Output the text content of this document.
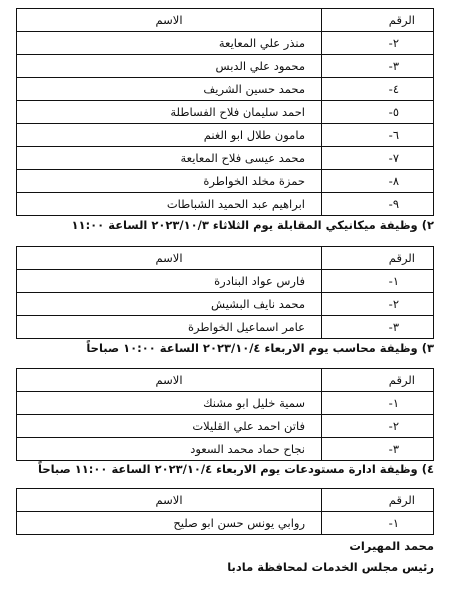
الرقم	الاسم
٢-	منذر علي المعايعة
٣-	محمود علي الدبس
٤-	محمد حسين الشريف
٥-	احمد سليمان فلاح الفساطلة
٦-	مامون طلال ابو الغنم
٧-	محمد عيسى فلاح المعايعة
٨-	حمزة مخلد الخواطرة
٩-	ابراهيم عبد الحميد الشباطات
٢) وظيفة ميكانيكي المقابلة يوم الثلاثاء ٢٠٢٣/١٠/٣ الساعة ١١:٠٠
الرقم	الاسم
١-	فارس عواد البنادرة
٢-	محمد نايف البشيش
٣-	عامر اسماعيل الخواطرة
٣) وظيفة محاسب يوم الاربعاء ٢٠٢٣/١٠/٤ الساعة ١٠:٠٠ صباحاً
الرقم	الاسم
١-	سمية خليل ابو مشنك
٢-	فاتن احمد علي القليلات
٣-	نجاح حماد محمد السعود
٤) وظيفة ادارة مستودعات يوم الاربعاء ٢٠٢٣/١٠/٤ الساعة ١١:٠٠ صباحاً
الرقم	الاسم
١-	روابي يونس حسن ابو صليح
محمد المهيرات
رئيس مجلس الخدمات لمحافظة مادبا
